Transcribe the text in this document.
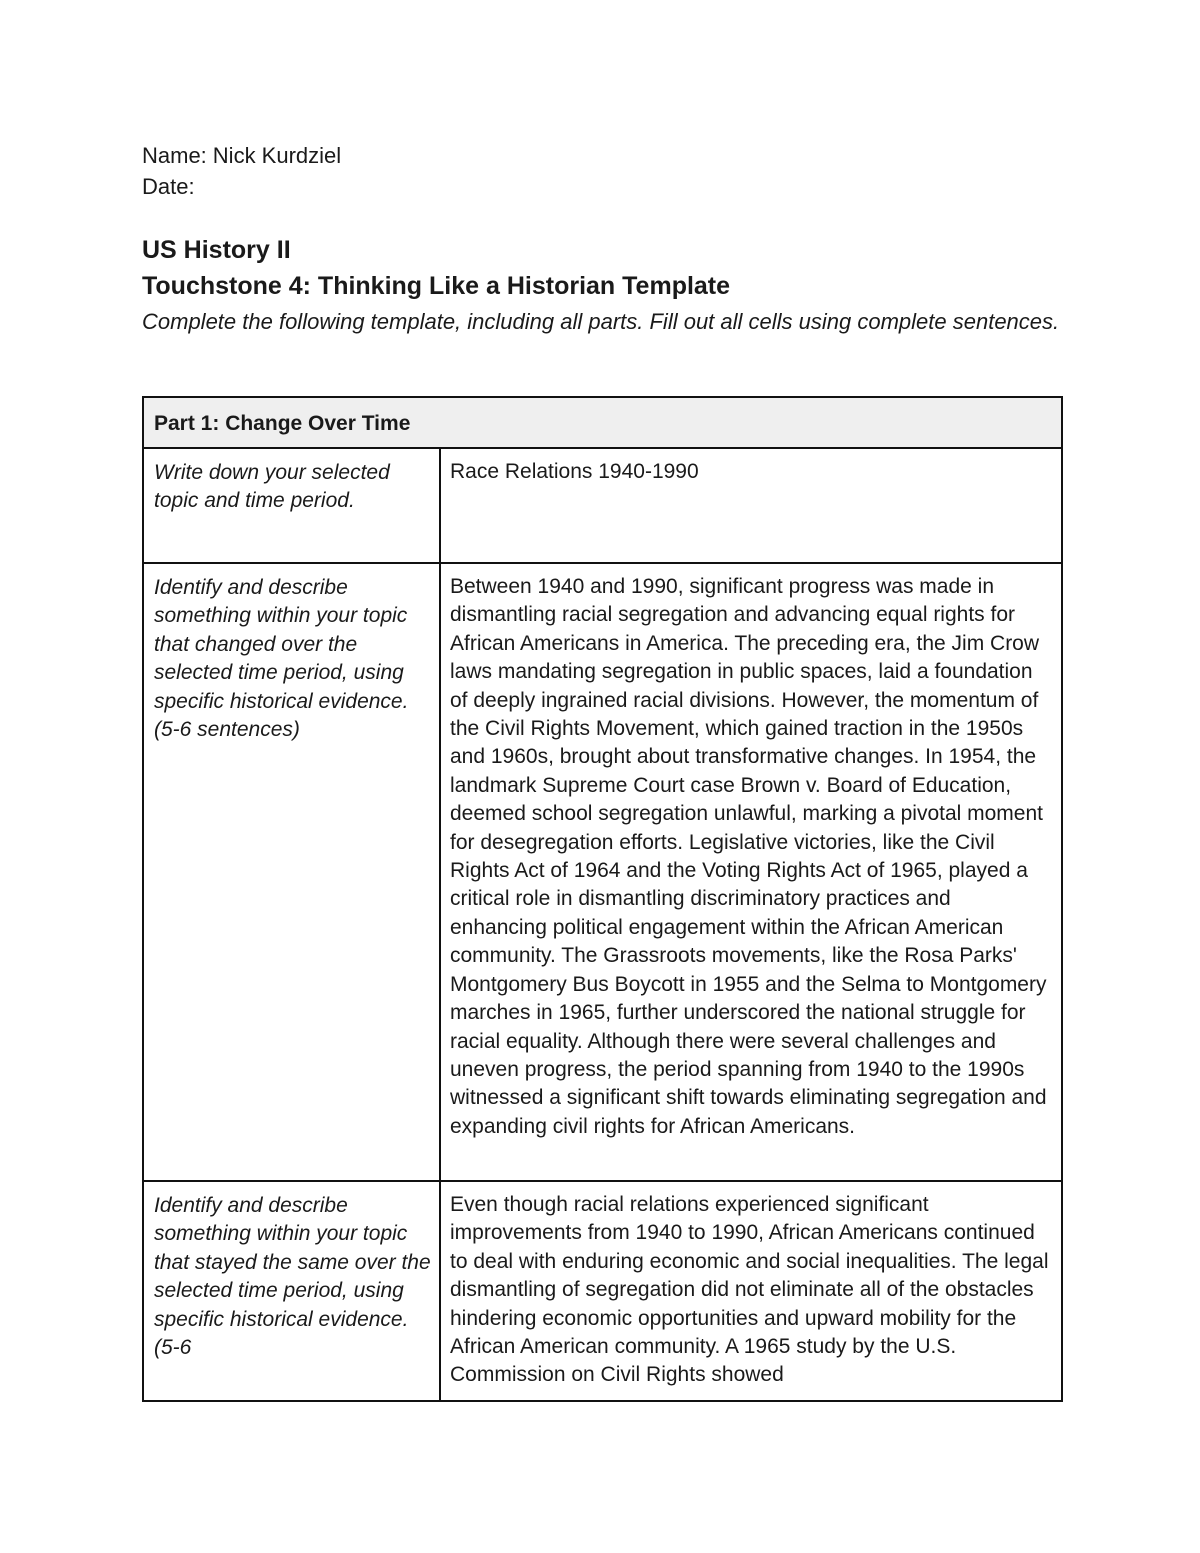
Name: Nick Kurdziel
Date:
US History II
Touchstone 4: Thinking Like a Historian Template
Complete the following template, including all parts. Fill out all cells using complete sentences.
Part 1: Change Over Time	
Write down your selected topic and time period.	Race Relations 1940-1990
Identify and describe something within your topic that changed over the selected time period, using specific historical evidence. (5-6 sentences)	Between 1940 and 1990, significant progress was made in dismantling racial segregation and advancing equal rights for African Americans in America. The preceding era, the Jim Crow laws mandating segregation in public spaces, laid a foundation of deeply ingrained racial divisions. However, the momentum of the Civil Rights Movement, which gained traction in the 1950s and 1960s, brought about transformative changes. In 1954, the landmark Supreme Court case Brown v. Board of Education, deemed school segregation unlawful, marking a pivotal moment for desegregation efforts. Legislative victories, like the Civil Rights Act of 1964 and the Voting Rights Act of 1965, played a critical role in dismantling discriminatory practices and enhancing political engagement within the African American community. The Grassroots movements, like the Rosa Parks' Montgomery Bus Boycott in 1955 and the Selma to Montgomery marches in 1965, further underscored the national struggle for racial equality. Although there were several challenges and uneven progress, the period spanning from 1940 to the 1990s witnessed a significant shift towards eliminating segregation and expanding civil rights for African Americans.
Identify and describe something within your topic that stayed the same over the selected time period, using specific historical evidence. (5-6	Even though racial relations experienced significant improvements from 1940 to 1990, African Americans continued to deal with enduring economic and social inequalities. The legal dismantling of segregation did not eliminate all of the obstacles hindering economic opportunities and upward mobility for the African American community. A 1965 study by the U.S. Commission on Civil Rights showed
